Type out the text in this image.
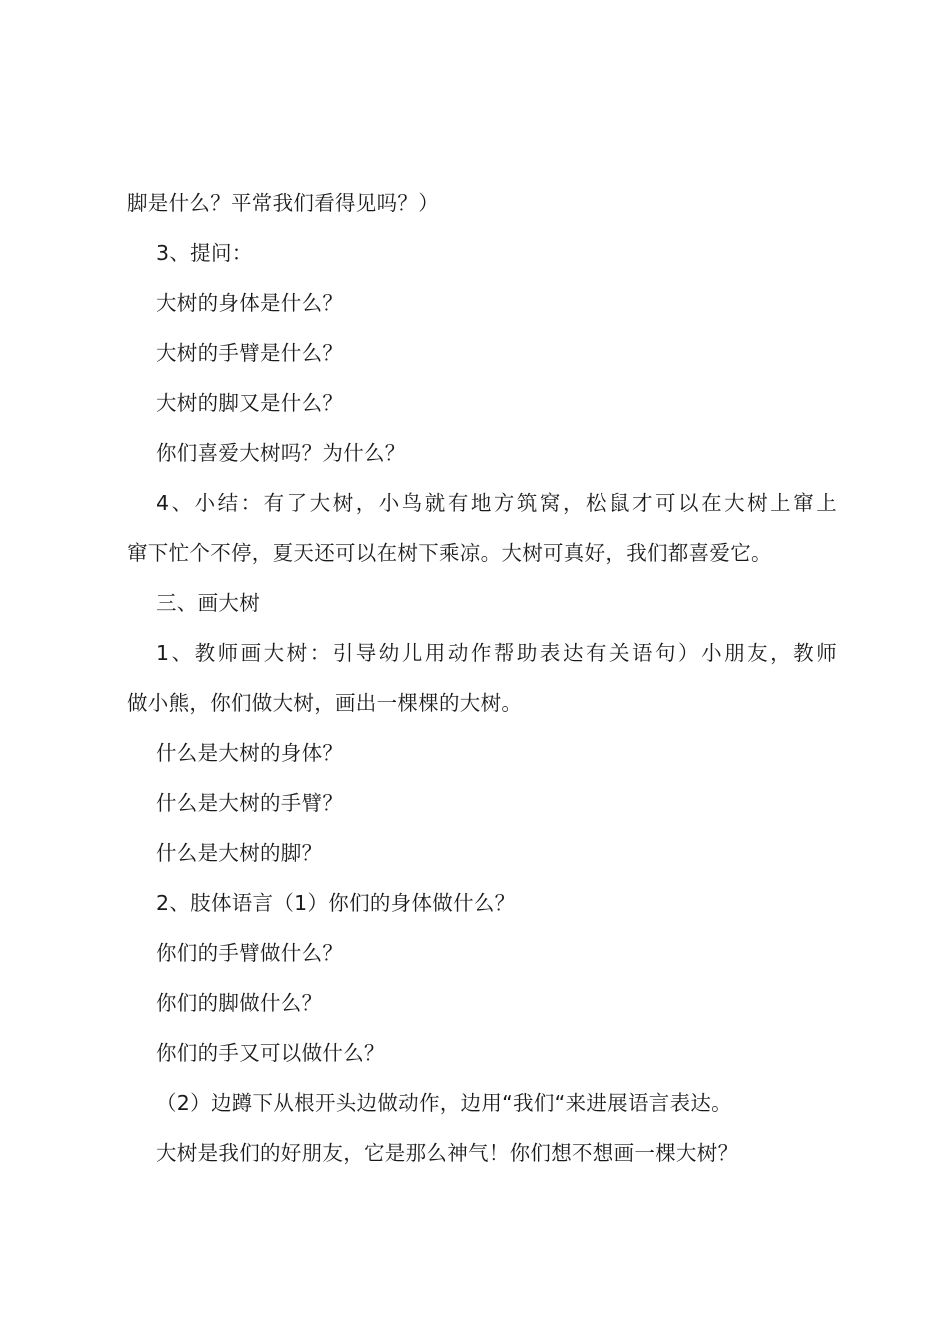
脚是什么？平常我们看得见吗？）
3、提问：
大树的身体是什么？
大树的手臂是什么？
大树的脚又是什么？
你们喜爱大树吗？为什么？
4、小结：有了大树，小鸟就有地方筑窝，松鼠才可以在大树上窜上
窜下忙个不停，夏天还可以在树下乘凉。大树可真好，我们都喜爱它。
三、画大树
1、教师画大树：引导幼儿用动作帮助表达有关语句）小朋友，教师
做小熊，你们做大树，画出一棵棵的大树。
什么是大树的身体？
什么是大树的手臂？
什么是大树的脚？
2、肢体语言（1）你们的身体做什么？
你们的手臂做什么？
你们的脚做什么？
你们的手又可以做什么？
（2）边蹲下从根开头边做动作，边用“我们“来进展语言表达。
大树是我们的好朋友，它是那么神气！你们想不想画一棵大树？
